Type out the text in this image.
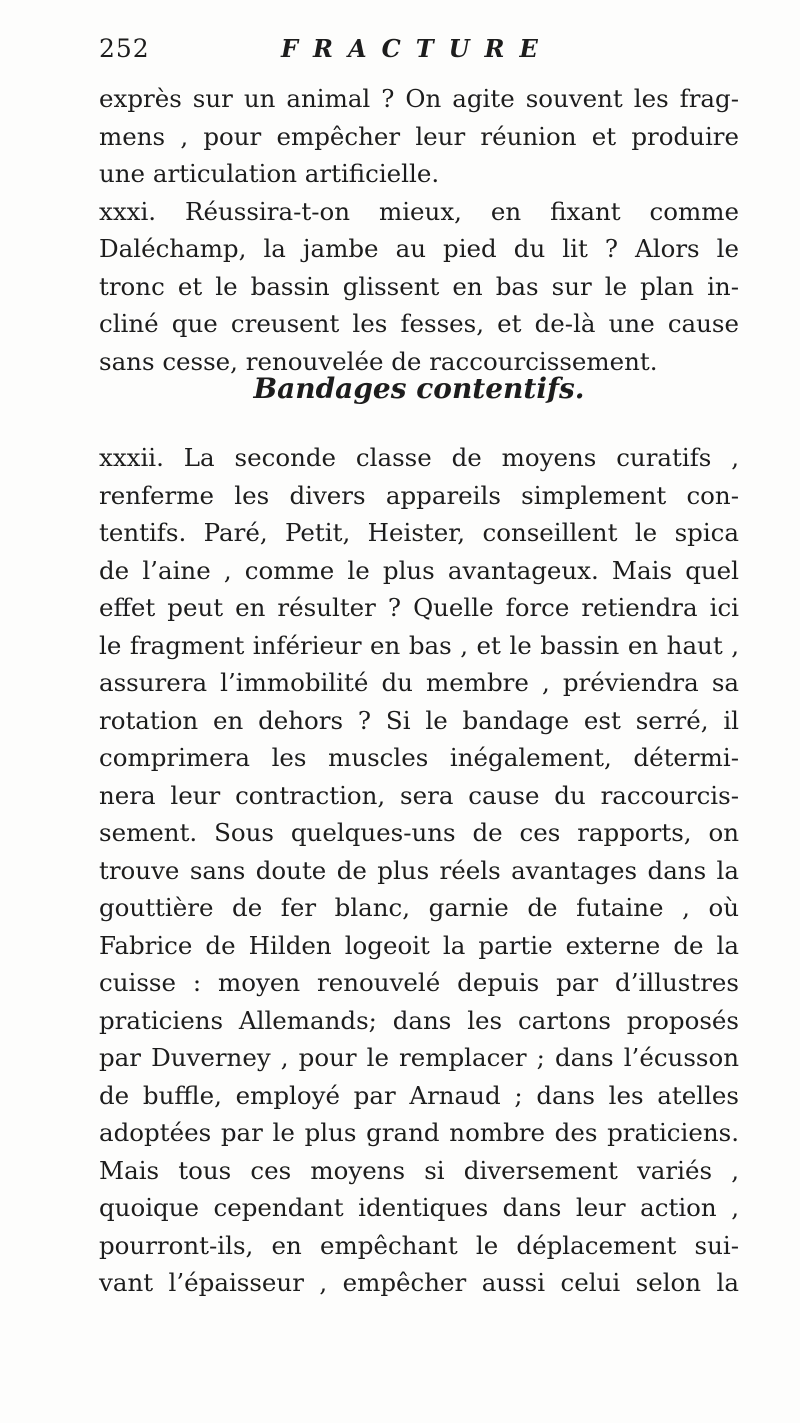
252	FRACTURE
exprès sur un animal ? On agite souvent les frag-
mens , pour empêcher leur réunion et produire
une articulation artificielle.
xxxi. Réussira-t-on mieux, en fixant comme
Daléchamp, la jambe au pied du lit ? Alors le
tronc et le bassin glissent en bas sur le plan in-
cliné que creusent les fesses, et de-là une cause
sans cesse, renouvelée de raccourcissement.
Bandages contentifs.
xxxii. La seconde classe de moyens curatifs ,
renferme les divers appareils simplement con-
tentifs. Paré, Petit, Heister, conseillent le spica
de l’aine , comme le plus avantageux. Mais quel
effet peut en résulter ? Quelle force retiendra ici
le fragment inférieur en bas , et le bassin en haut ,
assurera l’immobilité du membre , préviendra sa
rotation en dehors ? Si le bandage est serré, il
comprimera les muscles inégalement, détermi-
nera leur contraction, sera cause du raccourcis-
sement. Sous quelques-uns de ces rapports, on
trouve sans doute de plus réels avantages dans la
gouttière de fer blanc, garnie de futaine , où
Fabrice de Hilden logeoit la partie externe de la
cuisse : moyen renouvelé depuis par d’illustres
praticiens Allemands; dans les cartons proposés
par Duverney , pour le remplacer ; dans l’écusson
de buffle, employé par Arnaud ; dans les atelles
adoptées par le plus grand nombre des praticiens.
Mais tous ces moyens si diversement variés ,
quoique cependant identiques dans leur action ,
pourront-ils, en empêchant le déplacement sui-
vant l’épaisseur , empêcher aussi celui selon la
